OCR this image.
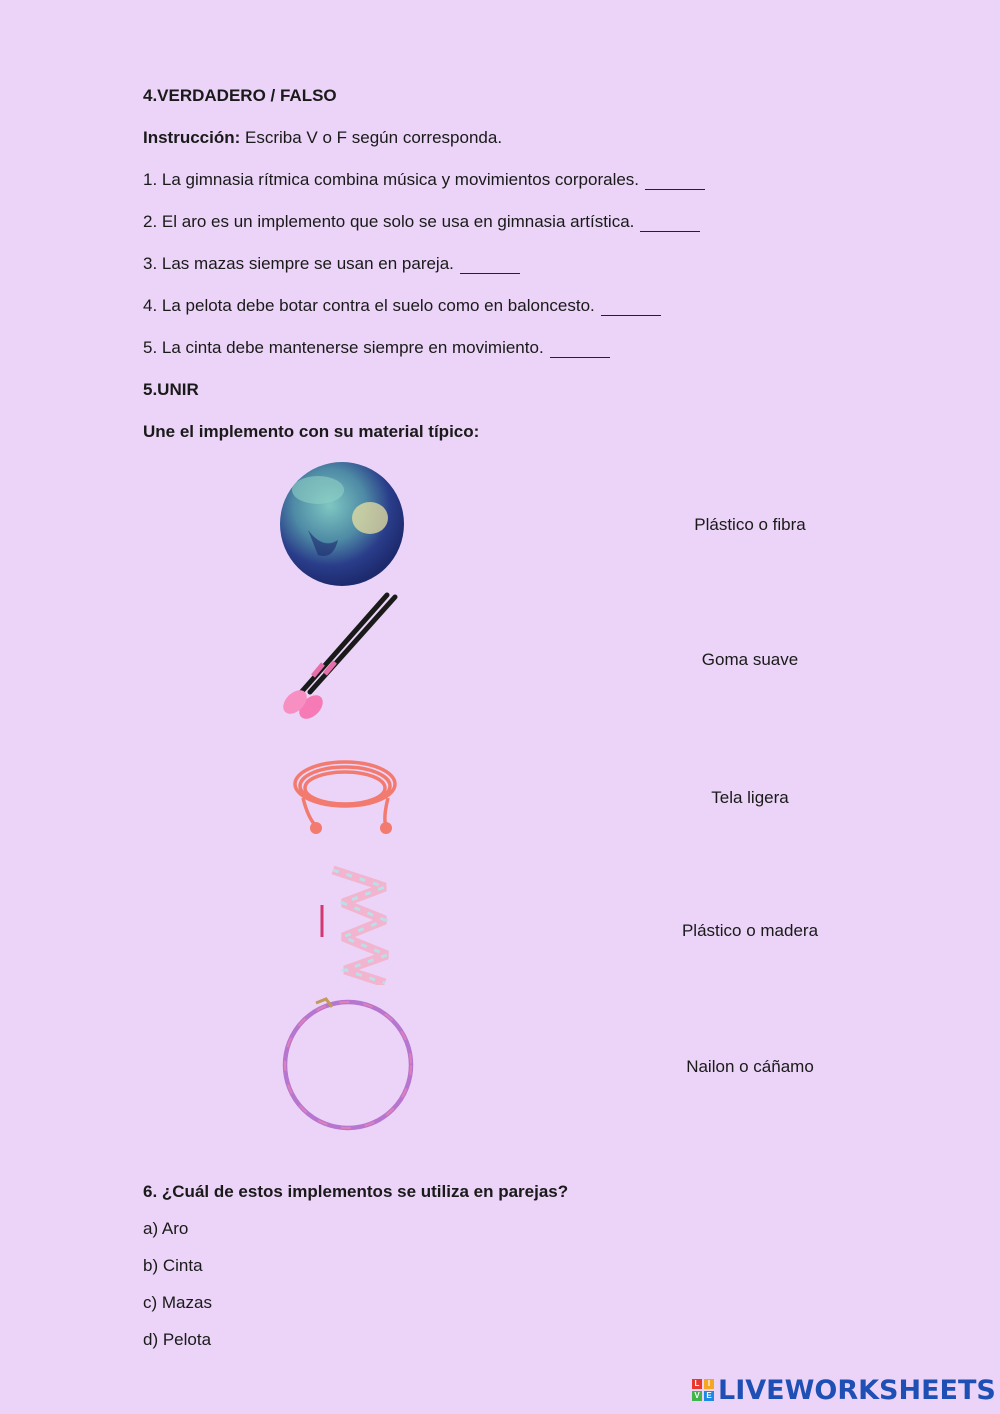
4.VERDADERO / FALSO
Instrucción: Escriba V o F según corresponda.
1. La gimnasia rítmica combina música y movimientos corporales.
2. El aro es un implemento que solo se usa en gimnasia artística.
3. Las mazas siempre se usan en pareja.
4. La pelota debe botar contra el suelo como en baloncesto.
5. La cinta debe mantenerse siempre en movimiento.
5.UNIR
Une el implemento con su material típico:
Plástico o fibra
Goma suave
Tela ligera
Plástico o madera
Nailon o cáñamo
6. ¿Cuál de estos implementos se utiliza en parejas?
a) Aro
b) Cinta
c) Mazas
d) Pelota
L	I
V E LIVEWORKSHEETS
